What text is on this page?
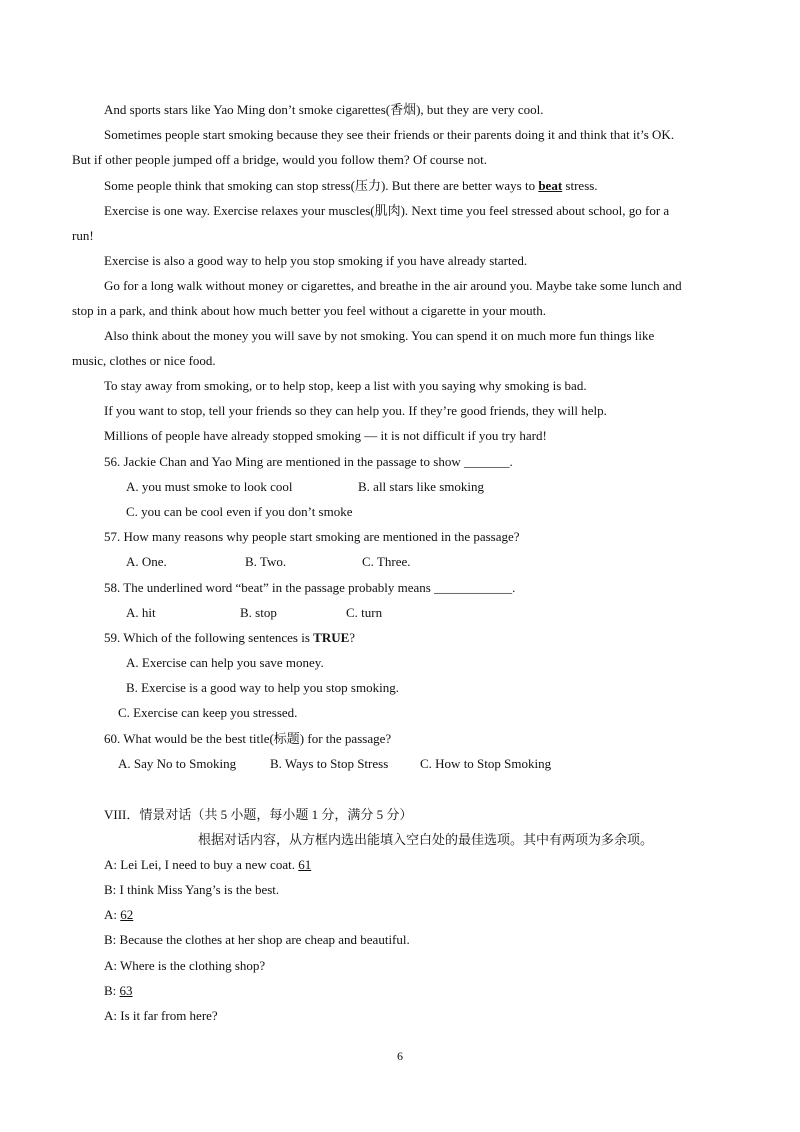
And sports stars like Yao Ming don’t smoke cigarettes(香烟), but they are very cool.
Sometimes people start smoking because they see their friends or their parents doing it and think that it’s OK.
But if other people jumped off a bridge, would you follow them? Of course not.
Some people think that smoking can stop stress(压力). But there are better ways to beat stress.
Exercise is one way. Exercise relaxes your muscles(肌肉). Next time you feel stressed about school, go for a
run!
Exercise is also a good way to help you stop smoking if you have already started.
Go for a long walk without money or cigarettes, and breathe in the air around you. Maybe take some lunch and
stop in a park, and think about how much better you feel without a cigarette in your mouth.
Also think about the money you will save by not smoking. You can spend it on much more fun things like
music, clothes or nice food.
To stay away from smoking, or to help stop, keep a list with you saying why smoking is bad.
If you want to stop, tell your friends so they can help you. If they’re good friends, they will help.
Millions of people have already stopped smoking — it is not difficult if you try hard!
56. Jackie Chan and Yao Ming are mentioned in the passage to show _______.
A. you must smoke to look cool	B. all stars like smoking
C. you can be cool even if you don’t smoke
57. How many reasons why people start smoking are mentioned in the passage?
A. One.	B. Two.	C. Three.
58. The underlined word “beat” in the passage probably means ____________.
A. hit	B. stop	C. turn
59. Which of the following sentences is TRUE?
A. Exercise can help you save money.
B. Exercise is a good way to help you stop smoking.
C. Exercise can keep you stressed.
60. What would be the best title(标题) for the passage?
A. Say No to Smoking	B. Ways to Stop Stress C. How to Stop Smoking
VIII．情景对话（共 5 小题，每小题 1 分，满分 5 分）
根据对话内容，从方框内选出能填入空白处的最佳选项。其中有两项为多余项。
A: Lei Lei, I need to buy a new coat. 61
B: I think Miss Yang’s is the best.
A: 62
B: Because the clothes at her shop are cheap and beautiful.
A: Where is the clothing shop?
B: 63
A: Is it far from here?
6
